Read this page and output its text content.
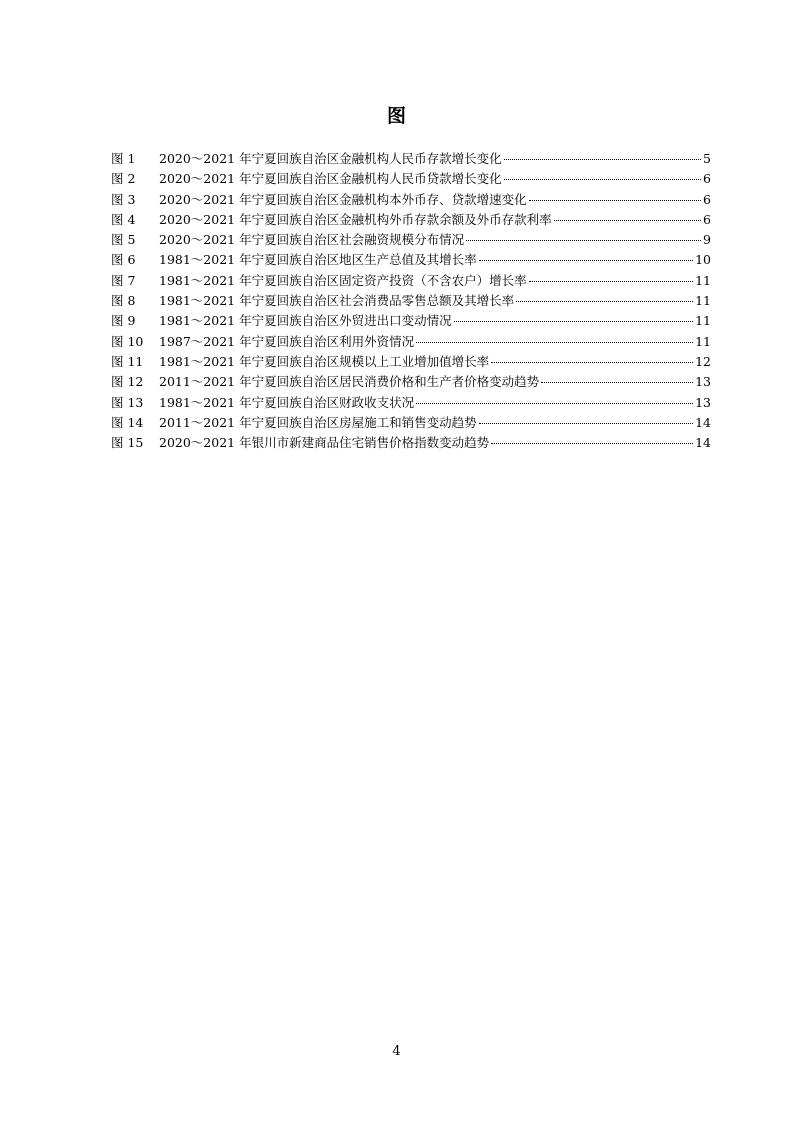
图
图 1	2020～2021 年宁夏回族自治区金融机构人民币存款增长变化	5
图 2	2020～2021 年宁夏回族自治区金融机构人民币贷款增长变化	6
图 3	2020～2021 年宁夏回族自治区金融机构本外币存、贷款增速变化	6
图 4	2020～2021 年宁夏回族自治区金融机构外币存款余额及外币存款利率	6
图 5	2020～2021 年宁夏回族自治区社会融资规模分布情况	9
图 6	1981～2021 年宁夏回族自治区地区生产总值及其增长率	10
图 7	1981～2021 年宁夏回族自治区固定资产投资（不含农户）增长率	11
图 8	1981～2021 年宁夏回族自治区社会消费品零售总额及其增长率	11
图 9	1981～2021 年宁夏回族自治区外贸进出口变动情况	11
图 10	1987～2021 年宁夏回族自治区利用外资情况	11
图 11	1981～2021 年宁夏回族自治区规模以上工业增加值增长率	12
图 12	2011～2021 年宁夏回族自治区居民消费价格和生产者价格变动趋势	13
图 13	1981～2021 年宁夏回族自治区财政收支状况	13
图 14	2011～2021 年宁夏回族自治区房屋施工和销售变动趋势	14
图 15	2020～2021 年银川市新建商品住宅销售价格指数变动趋势	14
4
